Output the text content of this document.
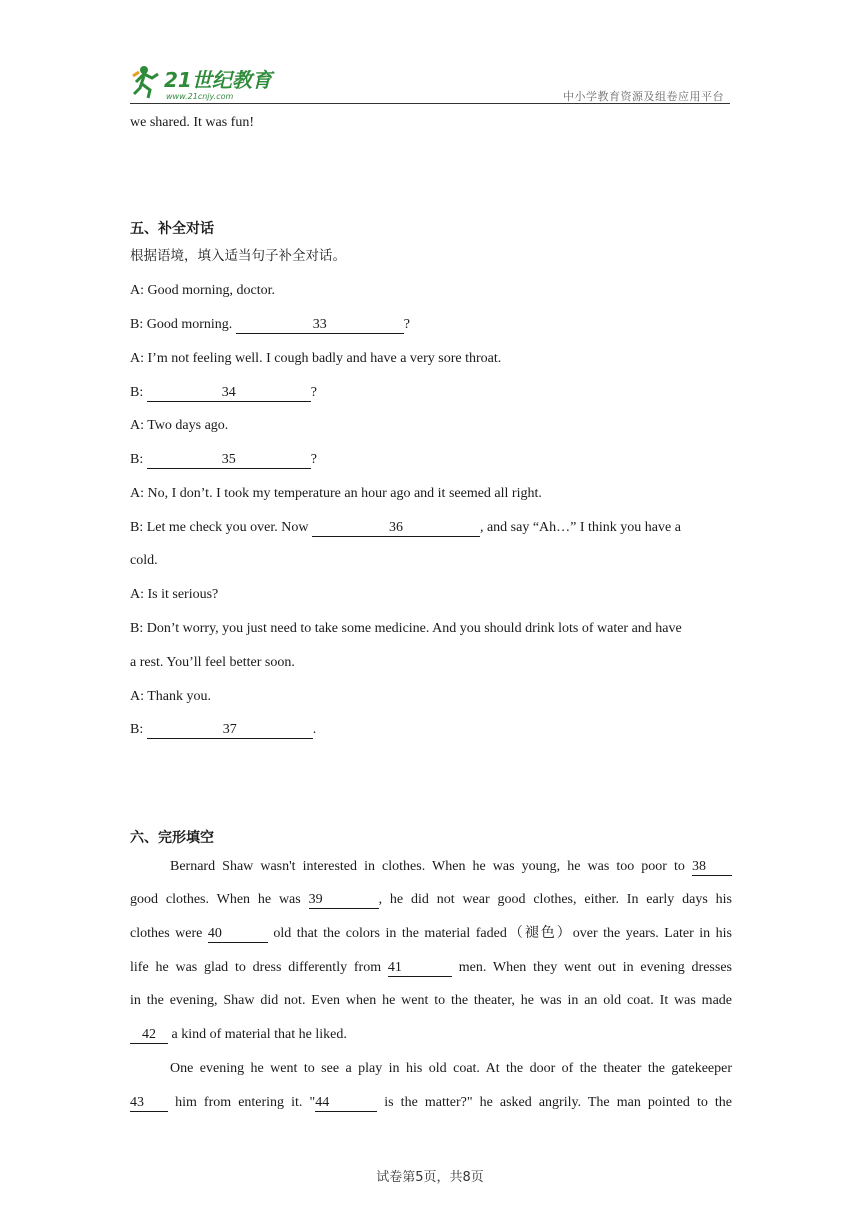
21世纪教育
www.21cnjy.com	中小学教育资源及组卷应用平台
we shared. It was fun!
五、补全对话
根据语境，填入适当句子补全对话。
A: Good morning, doctor.
B: Good morning.	33	?
A: I’m not feeling well. I cough badly and have a very sore throat.
B:	34	?
A: Two days ago.
B:	35	?
A: No, I don’t. I took my temperature an hour ago and it seemed all right.
B: Let me check you over. Now	36	, and say “Ah…” I think you have a
cold.
A: Is it serious?
B: Don’t worry, you just need to take some medicine. And you should drink lots of water and have
a rest. You’ll feel better soon.
A: Thank you.
B:	37	.
六、完形填空
Bernard Shaw wasn't interested in clothes. When he was young, he was too poor to 38
good clothes. When he was 39	, he did not wear good clothes, either. In early days his
clothes were 40	old that the colors in the material faded（褪色）over the years. Later in his
life he was glad to dress differently from 41	men. When they went out in evening dresses
in the evening, Shaw did not. Even when he went to the theater, he was in an old coat. It was made
42 a kind of material that he liked.
One evening he went to see a play in his old coat. At the door of the theater the gatekeeper
43 him from entering it. "44	is the matter?" he asked angrily. The man pointed to the
试卷第5页，共8页
